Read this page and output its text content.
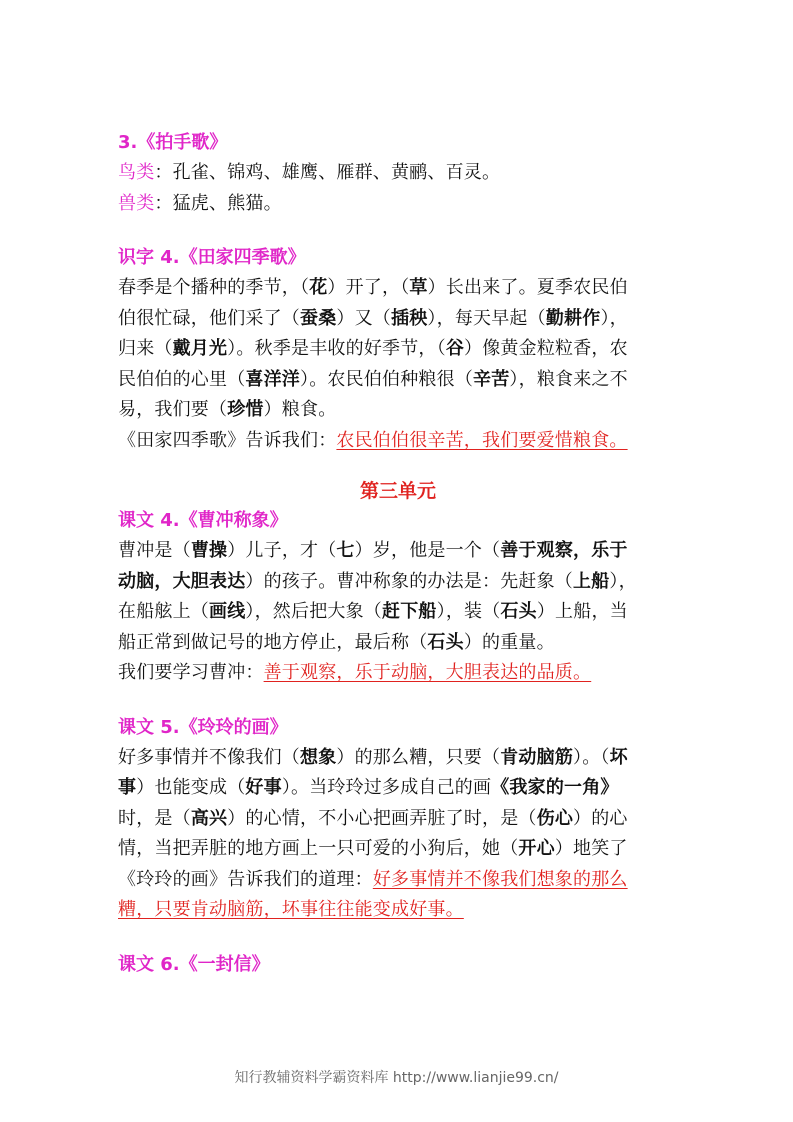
3.《拍手歌》

鸟类：孔雀、锦鸡、雄鹰、雁群、黄鹂、百灵。

兽类：猛虎、熊猫。

识字 4.《田家四季歌》

春季是个播种的季节，（花）开了，（草）长出来了。夏季农民伯
伯很忙碌，他们采了（蚕桑）又（插秧），每天早起（勤耕作），
归来（戴月光）。秋季是丰收的好季节，（谷）像黄金粒粒香，农
民伯伯的心里（喜洋洋）。农民伯伯种粮很（辛苦），粮食来之不
易，我们要（珍惜）粮食。
《田家四季歌》告诉我们：农民伯伯很辛苦，我们要爱惜粮食。

第三单元

课文 4.《曹冲称象》

曹冲是（曹操）儿子，才（七）岁，他是一个（善于观察，乐于
动脑，大胆表达）的孩子。曹冲称象的办法是：先赶象（上船），
在船舷上（画线），然后把大象（赶下船），装（石头）上船，当
船正常到做记号的地方停止，最后称（石头）的重量。
我们要学习曹冲：善于观察，乐于动脑，大胆表达的品质。

课文 5.《玲玲的画》

好多事情并不像我们（想象）的那么糟，只要（肯动脑筋）。（坏
事）也能变成（好事）。当玲玲过多成自己的画《我家的一角》
时，是（高兴）的心情，不小心把画弄脏了时，是（伤心）的心
情，当把弄脏的地方画上一只可爱的小狗后，她（开心）地笑了
《玲玲的画》告诉我们的道理：好多事情并不像我们想象的那么
糟，只要肯动脑筋，坏事往往能变成好事。

课文 6.《一封信》

知行教辅资料学霸资料库 http://www.lianjie99.cn/
